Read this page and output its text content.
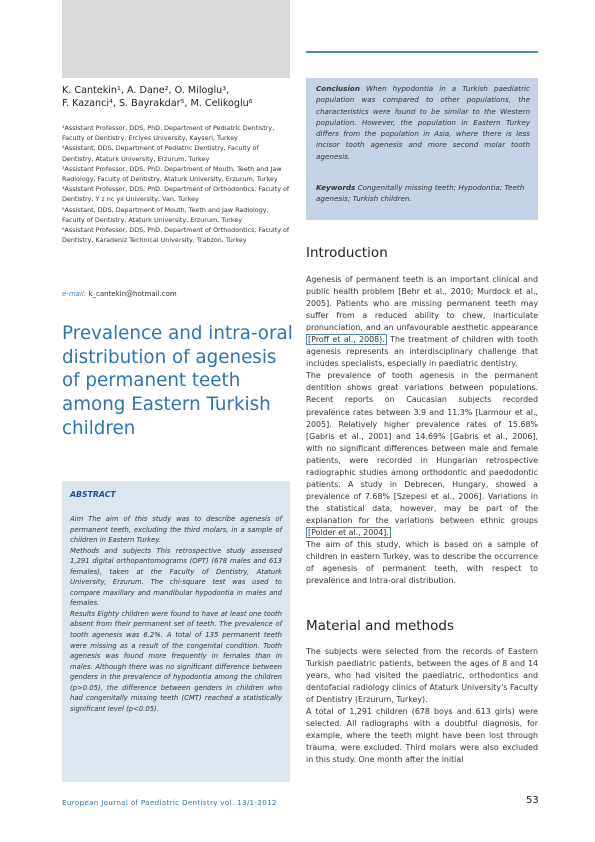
K. Cantekin¹, A. Dane², O. Miloglu³,
F. Kazanci⁴, S. Bayrakdar⁵, M. Celikoglu⁶
¹Assistant Professor, DDS, PhD. Department of Pediatric Dentistry, Faculty of Dentistry, Erciyes University, Kayseri, Turkey
²Assistant, DDS, Department of Pediatric Dentistry, Faculty of Dentistry, Ataturk University, Erzurum, Turkey
³Assistant Professor, DDS, PhD. Department of Mouth, Teeth and Jaw Radiology, Faculty of Dentistry, Ataturk University, Erzurum, Turkey
⁴Assistant Professor, DDS, PhD. Department of Orthodontics, Faculty of Dentistry, Y z nc yıl University, Van, Turkey
⁵Assistant, DDS, Department of Mouth, Teeth and Jaw Radiology, Faculty of Dentistry, Ataturk University, Erzurum, Turkey
⁶Assistant Professor, DDS, PhD. Department of Orthodontics, Faculty of Dentistry, Karadeniz Technical University, Trabzon, Turkey
e-mail: k_cantekin@hotmail.com
Prevalence and intra-oral distribution of agenesis of permanent teeth among Eastern Turkish children
ABSTRACT

Aim The aim of this study was to describe agenesis of permanent teeth, excluding the third molars, in a sample of children in Eastern Turkey.

Methods and subjects This retrospective study assessed 1,291 digital orthopantomograms (OPT) (678 males and 613 females), taken at the Faculty of Dentistry, Ataturk University, Erzurum. The chi-square test was used to compare maxillary and mandibular hypodontia in males and females.

Results Eighty children were found to have at least one tooth absent from their permanent set of teeth. The prevalence of tooth agenesis was 6.2%. A total of 135 permanent teeth were missing as a result of the congenital condition. Tooth agenesis was found more frequently in females than in males. Although there was no significant difference between genders in the prevalence of hypodontia among the children (p>0.05), the difference between genders in children who had congenitally missing teeth (CMT) reached a statistically significant level (p<0.05).

Conclusion When hypodontia in a Turkish paediatric population was compared to other populations, the characteristics were found to be similar to the Western population. However, the population in Eastern Turkey differs from the population in Asia, where there is less incisor tooth agenesis and more second molar tooth agenesis.
Keywords Congenitally missing teeth; Hypodontia; Teeth agenesis; Turkish children.
Introduction

Agenesis of permanent teeth is an important clinical and public health problem [Behr et al., 2010; Murdock et al., 2005]. Patients who are missing permanent teeth may suffer from a reduced ability to chew, inarticulate pronunciation, and an unfavourable aesthetic appearance [Proff et al., 2008). The treatment of children with tooth agenesis represents an interdisciplinary challenge that includes specialists, especially in paediatric dentistry.

The prevalence of tooth agenesis in the permanent dentition shows great variations between populations. Recent reports on Caucasian subjects recorded prevalence rates between 3.9 and 11.3% [Larmour et al., 2005]. Relatively higher prevalence rates of 15.68% [Gabris et al., 2001] and 14.69% [Gabris et al., 2006], with no significant differences between male and female patients, were recorded in Hungarian retrospective radiographic studies among orthodontic and paedodontic patients. A study in Debrecen, Hungary, showed a prevalence of 7.68% [Szepesi et al., 2006]. Variations in the statistical data, however, may be part of the explanation for the variations between ethnic groups [Polder et al., 2004].

The aim of this study, which is based on a sample of children in eastern Turkey, was to describe the occurrence of agenesis of permanent teeth, with respect to prevalence and intra-oral distribution.

Material and methods

The subjects were selected from the records of Eastern Turkish paediatric patients, between the ages of 8 and 14 years, who had visited the paediatric, orthodontics and dentofacial radiology clinics of Ataturk University's Faculty of Dentistry (Erzurum, Turkey).

A total of 1,291 children (678 boys and 613 girls) were selected. All radiographs with a doubtful diagnosis, for example, where the teeth might have been lost through trauma, were excluded. Third molars were also excluded in this study. One month after the initial

European Journal of Paediatric Dentistry vol. 13/1-2012	53
